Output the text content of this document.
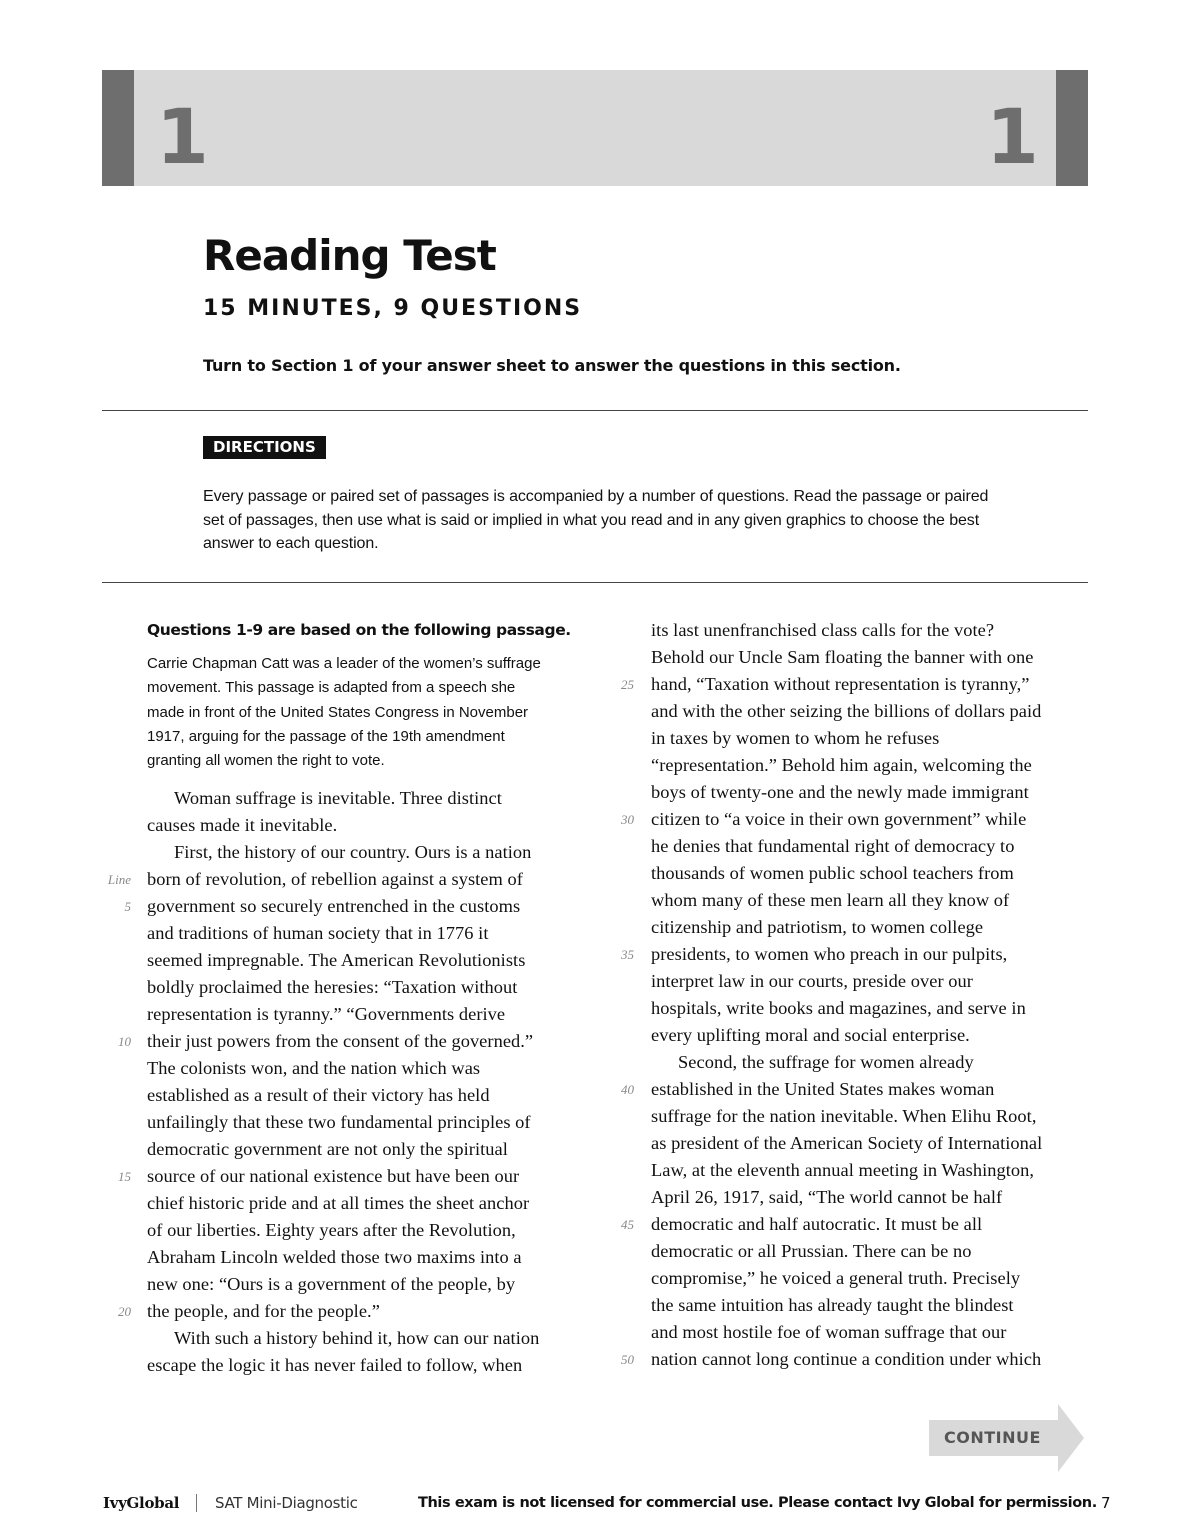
1	1
Reading Test
15 MINUTES, 9 QUESTIONS
Turn to Section 1 of your answer sheet to answer the questions in this section.
DIRECTIONS
Every passage or paired set of passages is accompanied by a number of questions. Read the passage or paired set of passages, then use what is said or implied in what you read and in any given graphics to choose the best answer to each question.
Questions 1-9 are based on the following passage.
Carrie Chapman Catt was a leader of the women’s suffrage
movement. This passage is adapted from a speech she
made in front of the United States Congress in November
1917, arguing for the passage of the 19th amendment
granting all women the right to vote.
Woman suffrage is inevitable. Three distinct
causes made it inevitable.
First, the history of our country. Ours is a nation
born of revolution, of rebellion against a system of
government so securely entrenched in the customs
and traditions of human society that in 1776 it
seemed impregnable. The American Revolutionists
boldly proclaimed the heresies: “Taxation without
representation is tyranny.” “Governments derive
their just powers from the consent of the governed.”
The colonists won, and the nation which was
established as a result of their victory has held
unfailingly that these two fundamental principles of
democratic government are not only the spiritual
source of our national existence but have been our
chief historic pride and at all times the sheet anchor
of our liberties. Eighty years after the Revolution,
Abraham Lincoln welded those two maxims into a
new one: “Ours is a government of the people, by
the people, and for the people.”
With such a history behind it, how can our nation
escape the logic it has never failed to follow, when
Line
5
10
15
20
its last unenfranchised class calls for the vote?
Behold our Uncle Sam floating the banner with one
hand, “Taxation without representation is tyranny,”
and with the other seizing the billions of dollars paid
in taxes by women to whom he refuses
“representation.” Behold him again, welcoming the
boys of twenty-one and the newly made immigrant
citizen to “a voice in their own government” while
he denies that fundamental right of democracy to
thousands of women public school teachers from
whom many of these men learn all they know of
citizenship and patriotism, to women college
presidents, to women who preach in our pulpits,
interpret law in our courts, preside over our
hospitals, write books and magazines, and serve in
every uplifting moral and social enterprise.
Second, the suffrage for women already
established in the United States makes woman
suffrage for the nation inevitable. When Elihu Root,
as president of the American Society of International
Law, at the eleventh annual meeting in Washington,
April 26, 1917, said, “The world cannot be half
democratic and half autocratic. It must be all
democratic or all Prussian. There can be no
compromise,” he voiced a general truth. Precisely
the same intuition has already taught the blindest
and most hostile foe of woman suffrage that our
nation cannot long continue a condition under which
25
30
35
40
45
50
CONTINUE
IvyGlobal SAT Mini-Diagnostic	This exam is not licensed for commercial use. Please contact Ivy Global for permission. 7
